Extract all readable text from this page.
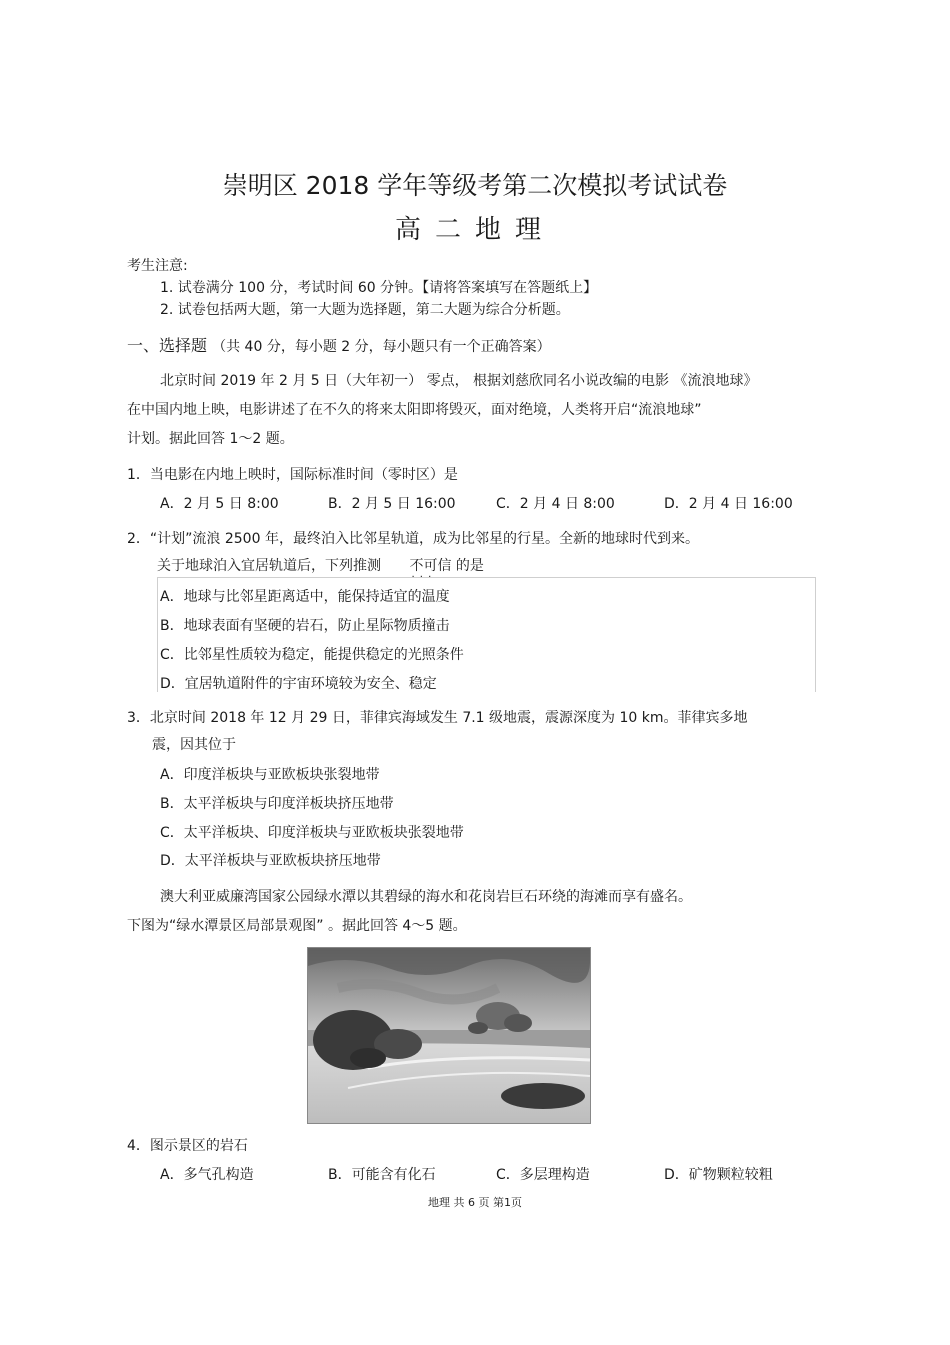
崇明区 2018 学年等级考第二次模拟考试试卷
高二地理
考生注意:
1. 试卷满分 100 分，考试时间 60 分钟。【请将答案填写在答题纸上】
2. 试卷包括两大题，第一大题为选择题，第二大题为综合分析题。
一、选择题 （共 40 分，每小题 2 分，每小题只有一个正确答案）
北京时间 2019 年 2 月 5 日（大年初一） 零点， 根据刘慈欣同名小说改编的电影 《流浪地球》
在中国内地上映，电影讲述了在不久的将来太阳即将毁灭，面对绝境，人类将开启“流浪地球”
计划。据此回答 1～2 题。
1．当电影在内地上映时，国际标准时间（零时区）是
A．2 月 5 日 8:00	B．2 月 5 日 16:00	C．2 月 4 日 8:00	D．2 月 4 日 16:00
2．“计划”流浪 2500 年，最终泊入比邻星轨道，成为比邻星的行星。全新的地球时代到来。
关于地球泊入宜居轨道后，下列推测 不可信 · · · 的是
A．地球与比邻星距离适中，能保持适宜的温度
B．地球表面有坚硬的岩石，防止星际物质撞击
C．比邻星性质较为稳定，能提供稳定的光照条件
D．宜居轨道附件的宇宙环境较为安全、稳定
3．北京时间 2018 年 12 月 29 日，菲律宾海域发生 7.1 级地震，震源深度为 10 km。菲律宾多地
震，因其位于
A．印度洋板块与亚欧板块张裂地带
B．太平洋板块与印度洋板块挤压地带
C．太平洋板块、印度洋板块与亚欧板块张裂地带
D．太平洋板块与亚欧板块挤压地带
澳大利亚威廉湾国家公园绿水潭以其碧绿的海水和花岗岩巨石环绕的海滩而享有盛名。
下图为“绿水潭景区局部景观图” 。据此回答 4～5 题。
4．图示景区的岩石
A．多气孔构造	B．可能含有化石	C．多层理构造	D．矿物颗粒较粗
地理 共 6 页 第1页
